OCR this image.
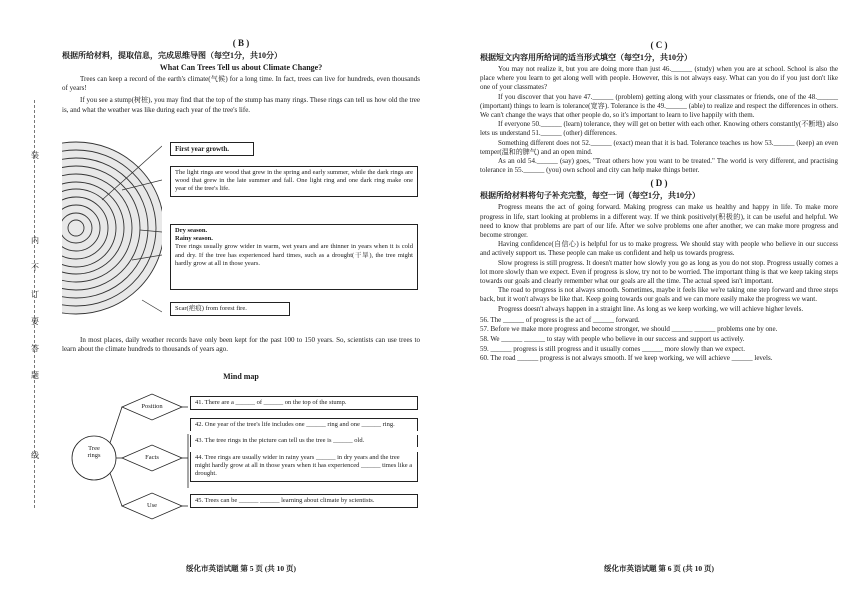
装
内
不
订
要
答
题
线

( B )

根据所给材料，提取信息，完成思维导图（每空1分，共10分）

What Can Trees Tell us about Climate Change?

Trees can keep a record of the earth's climate(气候) for a long time. In fact, trees can live for hundreds, even thousands of years!

If you see a stump(树桩), you may find that the top of the stump has many rings. These rings can tell us how old the tree is, and what the weather was like during each year of the tree's life.

First year growth.
The light rings are wood that grew in the spring and early summer, while the dark rings are wood that grew in the late summer and fall. One light ring and one dark ring make one year of the tree's life.
Dry season.
Rainy season.
Tree rings usually grow wider in warm, wet years and are thinner in years when it is cold and dry. If the tree has experienced hard times, such as a drought(干旱), the tree might hardly grow at all in those years.
Scar(疤痕) from forest fire.

In most places, daily weather records have only been kept for the past 100 to 150 years. So, scientists can use trees to learn about the climate hundreds to thousands of years ago.

Mind map

Tree
rings
Position
Facts
Use
41. There are a ______ of ______ on the top of the stump.
42. One year of the tree's life includes one ______ ring and one ______ ring.
43. The tree rings in the picture can tell us the tree is ______ old.
44. Tree rings are usually wider in rainy years ______ in dry years and the tree might hardly grow at all in those years when it has experienced ______ times like a drought.
45. Trees can be ______ ______ learning about climate by scientists.
绥化市英语试题 第 5 页 (共 10 页)

( C )

根据短文内容用所给词的适当形式填空（每空1分，共10分）

You may not realize it, but you are doing more than just 46.______ (study) when you are at school. School is also the place where you learn to get along well with people. However, this is not always easy. What can you do if you just don't like one of your classmates?

If you discover that you have 47.______ (problem) getting along with your classmates or friends, one of the 48.______ (important) things to learn is tolerance(宽容). Tolerance is the 49.______ (able) to realize and respect the differences in others. We can't change the ways that other people do, so it's important to learn to live happily with them.

If everyone 50.______ (learn) tolerance, they will get on better with each other. Knowing others constantly(不断地) also lets us understand 51.______ (other) differences.

Something different does not 52.______ (exact) mean that it is bad. Tolerance teaches us how 53.______ (keep) an even temper(温和的脾气) and an open mind.

As an old 54.______ (say) goes, "Treat others how you want to be treated." The world is very different, and practising tolerance in 55.______ (you) own school and city can help make things better.

( D )

根据所给材料将句子补充完整，每空一词（每空1分，共10分）

Progress means the act of going forward. Making progress can make us healthy and happy in life. To make more progress in life, start looking at problems in a different way. If we think positively(积极的), it can be useful and helpful. We need to know that problems are part of our life. After we solve problems one after another, we can make more progress and become stronger.

Having confidence(自信心) is helpful for us to make progress. We should stay with people who believe in our success and actively support us. These people can make us confident and help us towards progress.

Slow progress is still progress. It doesn't matter how slowly you go as long as you do not stop. Progress usually comes a lot more slowly than we expect. Even if progress is slow, try not to be worried. The important thing is that we keep taking steps towards our goals and clearly remember what our goals are all the time. The actual speed isn't important.

The road to progress is not always smooth. Sometimes, maybe it feels like we're taking one step forward and three steps back, but it won't always be like that. Keep going towards our goals and we can more easily make the progress we want.

Progress doesn't always happen in a straight line. As long as we keep working, we will achieve higher levels.

56. The ______ of progress is the act of ______ forward.

57. Before we make more progress and become stronger, we should ______ ______ problems one by one.

58. We ______ ______ to stay with people who believe in our success and support us actively.

59. ______ progress is still progress and it usually comes ______ more slowly than we expect.

60. The road ______ progress is not always smooth. If we keep working, we will achieve ______ levels.

绥化市英语试题 第 6 页 (共 10 页)
